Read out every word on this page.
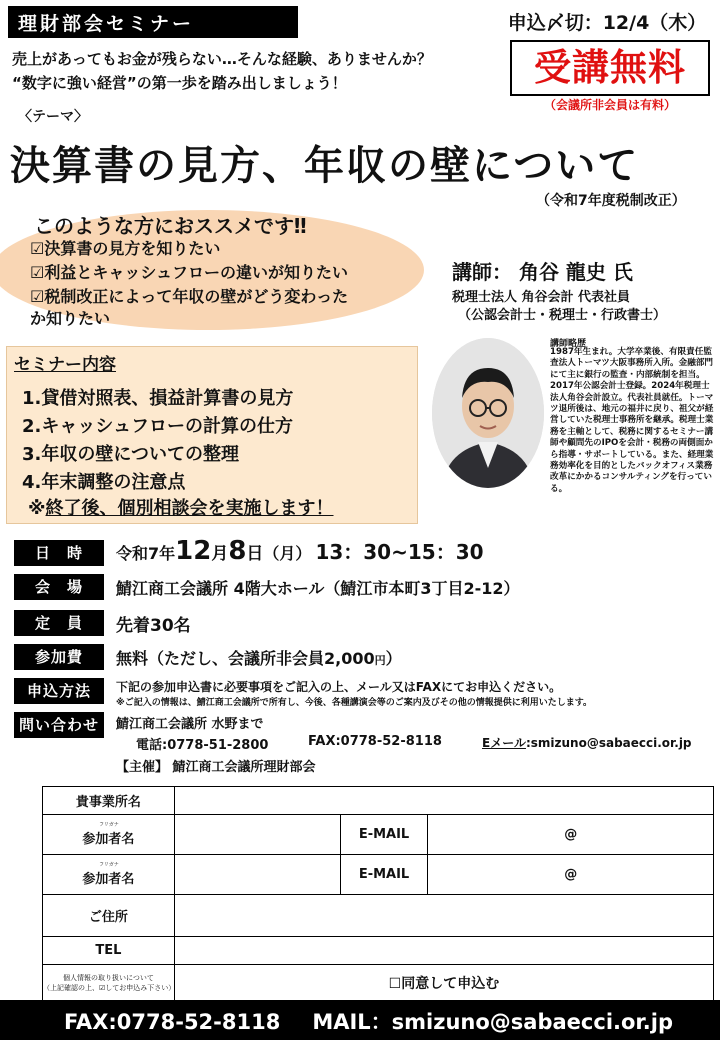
理財部会セミナー	申込〆切：12/4（木）
受講無料
（会議所非会員は有料）
売上があってもお金が残らない…そんな経験、ありませんか？
“数字に強い経営”の第一歩を踏み出しましょう！
〈テーマ〉
決算書の見方、年収の壁について
（令和7年度税制改正）
このような方におススメです‼
☑決算書の見方を知りたい
☑利益とキャッシュフローの違いが知りたい
☑税制改正によって年収の壁がどう変わった
か知りたい
講師： 角谷 龍史 氏
税理士法人 角谷会計 代表社員
（公認会計士・税理士・行政書士）
講師略歴
1987年生まれ。大学卒業後、有限責任監査法人トーマツ大阪事務所入所。金融部門にて主に銀行の監査・内部統制を担当。2017年公認会計士登録。2024年税理士法人角谷会計設立。代表社員就任。トーマツ退所後は、地元の福井に戻り、祖父が経営していた税理士事務所を継承。税理士業務を主軸として、税務に関するセミナー講師や顧問先のIPOを会計・税務の両側面から指導・サポートしている。また、経理業務効率化を目的としたバックオフィス業務改革にかかるコンサルティングを行っている。
セミナー内容
1.貸借対照表、損益計算書の見方
2.キャッシュフローの計算の仕方
3.年収の壁についての整理
4.年末調整の注意点
※終了後、個別相談会を実施します！
日　時	令和7年12月8日（月） 13：30~15：30
会　場	鯖江商工会議所 4階大ホール（鯖江市本町3丁目2-12）
定　員	先着30名
参加費	無料（ただし、会議所非会員2,000円）
申込方法	下記の参加申込書に必要事項をご記入の上、メール又はFAXにてお申込ください。
※ご記入の情報は、鯖江商工会議所で所有し、今後、各種講演会等のご案内及びその他の情報提供に利用いたします。
問い合わせ	鯖江商工会議所 水野まで
電話:0778-51-2800	FAX:0778-52-8118	Eメール:smizuno@sabaecci.or.jp
【主催】 鯖江商工会議所理財部会
貴事業所名			

フリガナ
参加者名		E-MAIL	@

フリガナ
参加者名		E-MAIL	@
ご住所			
TEL			
個人情報の取り扱いについて
（上記確認の上、☑してお申込み下さい）	☐同意して申込む		
FAX:0778-52-8118 MAIL：smizuno@sabaecci.or.jp
